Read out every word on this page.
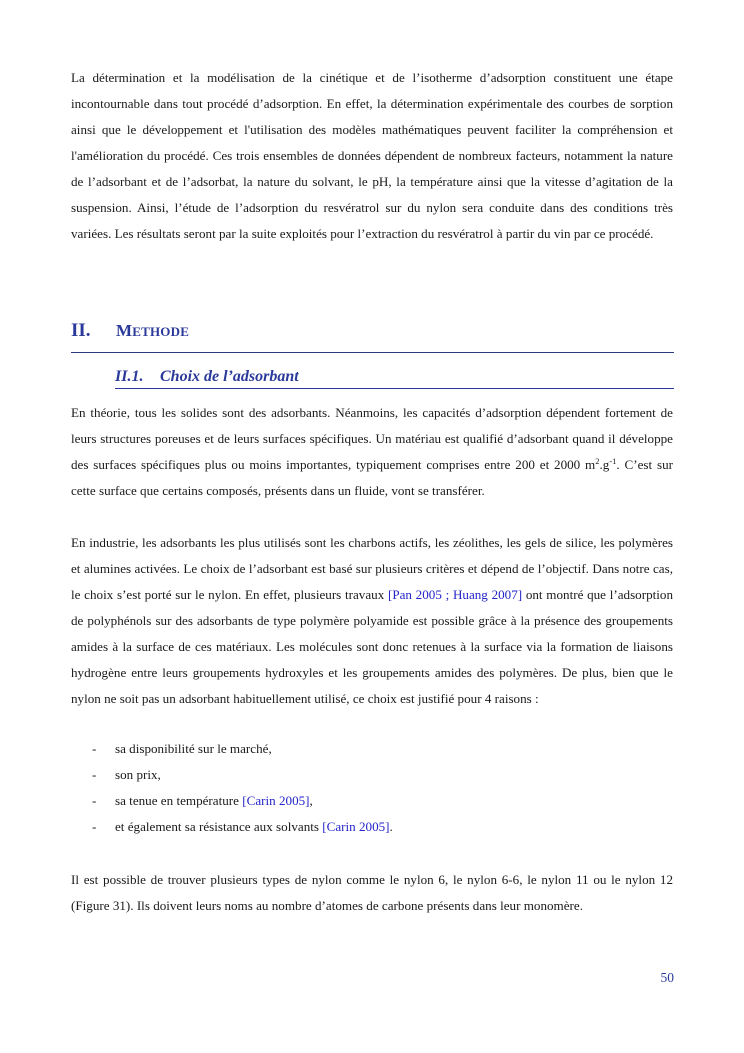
La détermination et la modélisation de la cinétique et de l’isotherme d’adsorption constituent une étape incontournable dans tout procédé d’adsorption. En effet, la détermination expérimentale des courbes de sorption ainsi que le développement et l'utilisation des modèles mathématiques peuvent faciliter la compréhension et l'amélioration du procédé. Ces trois ensembles de données dépendent de nombreux facteurs, notamment la nature de l’adsorbant et de l’adsorbat, la nature du solvant, le pH, la température ainsi que la vitesse d’agitation de la suspension. Ainsi, l’étude de l’adsorption du resvératrol sur du nylon sera conduite dans des conditions très variées. Les résultats seront par la suite exploités pour l’extraction du resvératrol à partir du vin par ce procédé.

II. METHODE
II.1. Choix de l’adsorbant

En théorie, tous les solides sont des adsorbants. Néanmoins, les capacités d’adsorption dépendent fortement de leurs structures poreuses et de leurs surfaces spécifiques. Un matériau est qualifié d’adsorbant quand il développe des surfaces spécifiques plus ou moins importantes, typiquement comprises entre 200 et 2000 $m^2.g^{-1}$. C’est sur cette surface que certains composés, présents dans un fluide, vont se transférer.

En industrie, les adsorbants les plus utilisés sont les charbons actifs, les zéolithes, les gels de silice, les polymères et alumines activées. Le choix de l’adsorbant est basé sur plusieurs critères et dépend de l’objectif. Dans notre cas, le choix s’est porté sur le nylon. En effet, plusieurs travaux [Pan 2005 ; Huang 2007] ont montré que l’adsorption de polyphénols sur des adsorbants de type polymère polyamide est possible grâce à la présence des groupements amides à la surface de ces matériaux. Les molécules sont donc retenues à la surface via la formation de liaisons hydrogène entre leurs groupements hydroxyles et les groupements amides des polymères. De plus, bien que le nylon ne soit pas un adsorbant habituellement utilisé, ce choix est justifié pour 4 raisons :

- sa disponibilité sur le marché,
- son prix,
- sa tenue en température [Carin 2005],
- et également sa résistance aux solvants [Carin 2005].

Il est possible de trouver plusieurs types de nylon comme le nylon 6, le nylon 6-6, le nylon 11 ou le nylon 12 (Figure 31). Ils doivent leurs noms au nombre d’atomes de carbone présents dans leur monomère.

50
